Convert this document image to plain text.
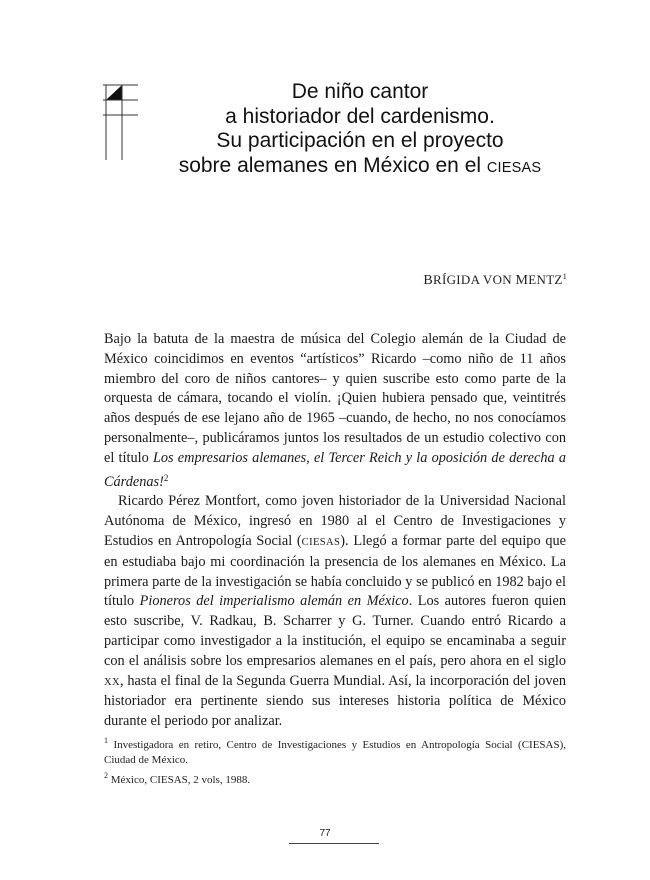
De niño cantor
a historiador del cardenismo.
Su participación en el proyecto
sobre alemanes en México en el CIESAS
BRÍGIDA VON MENTZ$^1$

Bajo la batuta de la maestra de música del Colegio alemán de la Ciudad de México coincidimos en eventos “artísticos” Ricardo –como niño de 11 años miembro del coro de niños cantores– y quien suscribe esto como parte de la orquesta de cámara, tocando el violín. ¡Quien hubiera pensado que, veintitrés años después de ese lejano año de 1965 –cuando, de hecho, no nos conocíamos personalmente–, publicáramos juntos los resultados de un estudio colectivo con el título Los empresarios alemanes, el Tercer Reich y la oposición de derecha a Cárdenas!$^2$

Ricardo Pérez Montfort, como joven historiador de la Universidad Nacional Autónoma de México, ingresó en 1980 al el Centro de Investigaciones y Estudios en Antropología Social (CIESAS). Llegó a formar parte del equipo que en estudiaba bajo mi coordinación la presencia de los alemanes en México. La primera parte de la investigación se había concluido y se publicó en 1982 bajo el título Pioneros del imperialismo alemán en México. Los autores fueron quien esto suscribe, V. Radkau, B. Scharrer y G. Turner. Cuando entró Ricardo a participar como investigador a la institución, el equipo se encaminaba a seguir con el análisis sobre los empresarios alemanes en el país, pero ahora en el siglo XX, hasta el final de la Segunda Guerra Mundial. Así, la incorporación del joven historiador era pertinente siendo sus intereses historia política de México durante el periodo por analizar.

$^1$ Investigadora en retiro, Centro de Investigaciones y Estudios en Antropología Social (CIESAS), Ciudad de México.

$^2$ México, CIESAS, 2 vols, 1988.

77
